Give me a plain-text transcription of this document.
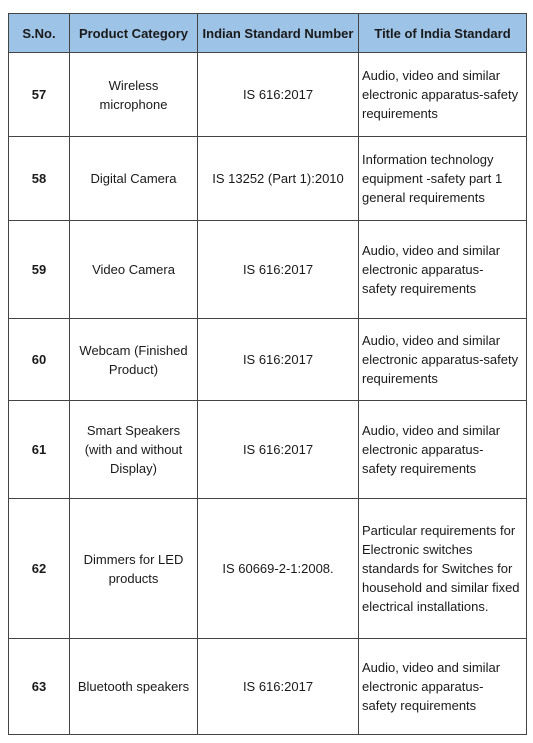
S.No.	Product Category	Indian Standard Number	Title of India Standard
57	Wireless microphone	IS 616:2017	Audio, video and similar electronic apparatus-safety requirements
58	Digital Camera	IS 13252 (Part 1):2010	Information technology equipment -safety part 1 general requirements
59	Video Camera	IS 616:2017	Audio, video and similar electronic apparatus-safety requirements

60	Webcam (Finished Product)	IS 616:2017	Audio, video and similar electronic apparatus-safety requirements
61	Smart Speakers (with and without Display)	IS 616:2017	Audio, video and similar electronic apparatus-safety requirements

62	Dimmers for LED products	IS 60669-2-1:2008.	Particular requirements for Electronic switches standards for Switches for household and similar fixed electrical installations.
63	Bluetooth speakers	IS 616:2017	Audio, video and similar electronic apparatus-safety requirements
